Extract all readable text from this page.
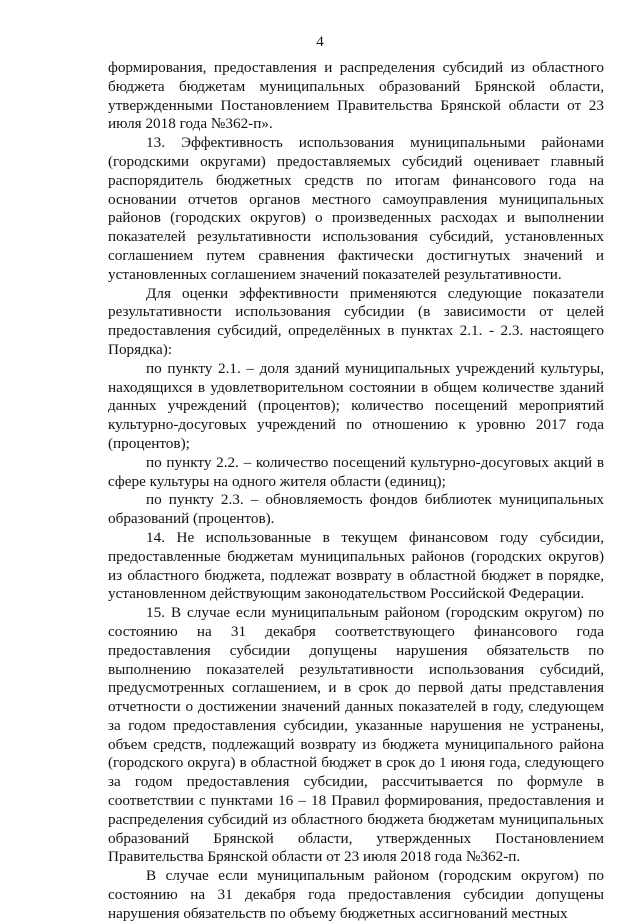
4

формирования, предоставления и распределения субсидий из областного бюджета бюджетам муниципальных образований Брянской области, утвержденными Постановлением Правительства Брянской области от 23 июля 2018 года №362-п».

13. Эффективность использования муниципальными районами (городскими округами) предоставляемых субсидий оценивает главный распорядитель бюджетных средств по итогам финансового года на основании отчетов органов местного самоуправления муниципальных районов (городских округов) о произведенных расходах и выполнении показателей результативности использования субсидий, установленных соглашением путем сравнения фактически достигнутых значений и установленных соглашением значений показателей результативности.

Для оценки эффективности применяются следующие показатели результативности использования субсидии (в зависимости от целей предоставления субсидий, определённых в пунктах 2.1. - 2.3. настоящего Порядка):

по пункту 2.1. – доля зданий муниципальных учреждений культуры, находящихся в удовлетворительном состоянии в общем количестве зданий данных учреждений (процентов); количество посещений мероприятий культурно-досуговых учреждений по отношению к уровню 2017 года (процентов);

по пункту 2.2. – количество посещений культурно-досуговых акций в сфере культуры на одного жителя области (единиц);

по пункту 2.3. – обновляемость фондов библиотек муниципальных образований (процентов).

14. Не использованные в текущем финансовом году субсидии, предоставленные бюджетам муниципальных районов (городских округов) из областного бюджета, подлежат возврату в областной бюджет в порядке, установленном действующим законодательством Российской Федерации.

15. В случае если муниципальным районом (городским округом) по состоянию на 31 декабря соответствующего финансового года предоставления субсидии допущены нарушения обязательств по выполнению показателей результативности использования субсидий, предусмотренных соглашением, и в срок до первой даты представления отчетности о достижении значений данных показателей в году, следующем за годом предоставления субсидии, указанные нарушения не устранены, объем средств, подлежащий возврату из бюджета муниципального района (городского округа) в областной бюджет в срок до 1 июня года, следующего за годом предоставления субсидии, рассчитывается по формуле в соответствии с пунктами 16 – 18 Правил формирования, предоставления и распределения субсидий из областного бюджета бюджетам муниципальных образований Брянской области, утвержденных Постановлением Правительства Брянской области от 23 июля 2018 года №362-п.

В случае если муниципальным районом (городским округом) по состоянию на 31 декабря года предоставления субсидии допущены нарушения обязательств по объему бюджетных ассигнований местных
